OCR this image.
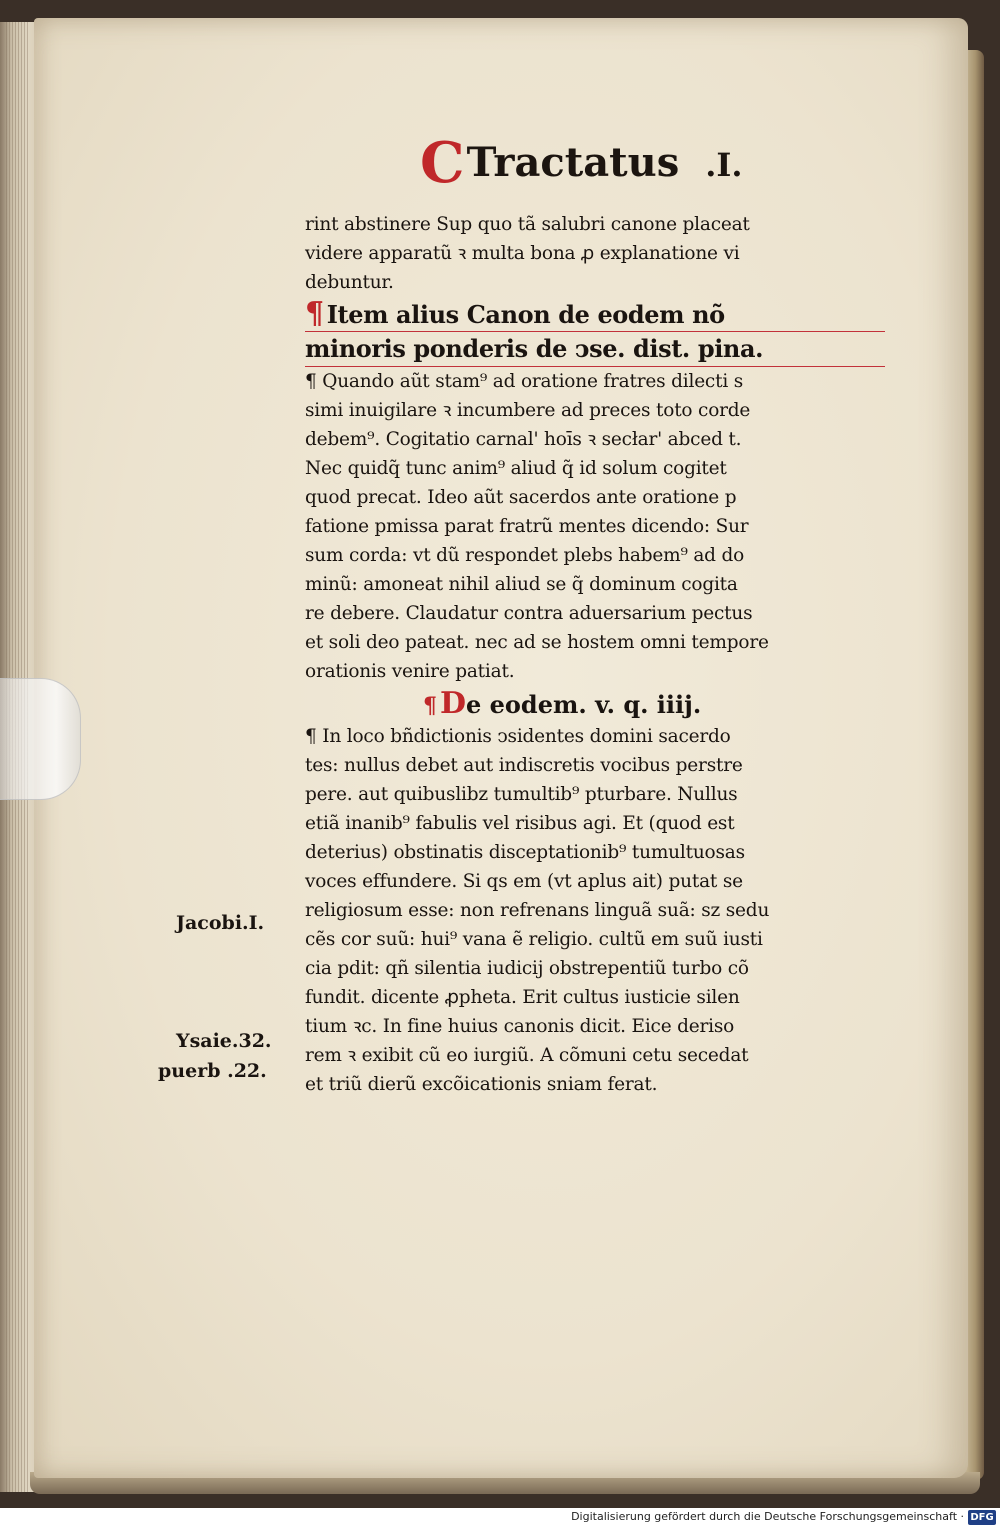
CTractatus .I.
rint abstinere Sup quo tã salubri canone placeat
videre apparatũ ꝛ multa bona ꝓ explanatione vi
debuntur.
¶ Item alius Canon de eodem nõ
minoris ponderis de ↄse. dist. pina.
¶ Quando aũt stam⁹ ad oratione fratres dilecti s
simi inuigilare ꝛ incumbere ad preces toto corde
debem⁹. Cogitatio carnal' hoīs ꝛ secłar' abced t.
Nec quidq̃ tunc anim⁹ aliud q̃ id solum cogitet
quod precat. Ideo aũt sacerdos ante oratione p
fatione pmissa parat fratrũ mentes dicendo: Sur
sum corda: vt dũ respondet plebs habem⁹ ad do
minũ: amoneat nihil aliud se q̃ dominum cogita
re debere. Claudatur contra aduersarium pectus
et soli deo pateat. nec ad se hostem omni tempore
orationis venire patiat.
¶ De eodem. v. q. iiij.
¶ In loco bñdictionis ↄsidentes domini sacerdo
tes: nullus debet aut indiscretis vocibus perstre
pere. aut quibuslibz tumultib⁹ pturbare. Nullus
etiã inanib⁹ fabulis vel risibus agi. Et (quod est
deterius) obstinatis disceptationib⁹ tumultuosas
voces effundere. Si qs em (vt aplus ait) putat se
religiosum esse: non refrenans linguã suã: sz sedu
cẽs cor suũ: hui⁹ vana ẽ religio. cultũ em suũ iusti
cia pdit: qñ silentia iudicij obstrepentiũ turbo cõ
fundit. dicente ꝓpheta. Erit cultus iusticie silen
tium ꝛc. In fine huius canonis dicit. Eice deriso
rem ꝛ exibit cũ eo iurgiũ. A cõmuni cetu secedat
et triũ dierũ excõicationis sniam ferat.
Jacobi.I.
Ysaie.32.
puerb .22.
Digitalisierung gefördert durch die Deutsche Forschungsgemeinschaft · DFG
